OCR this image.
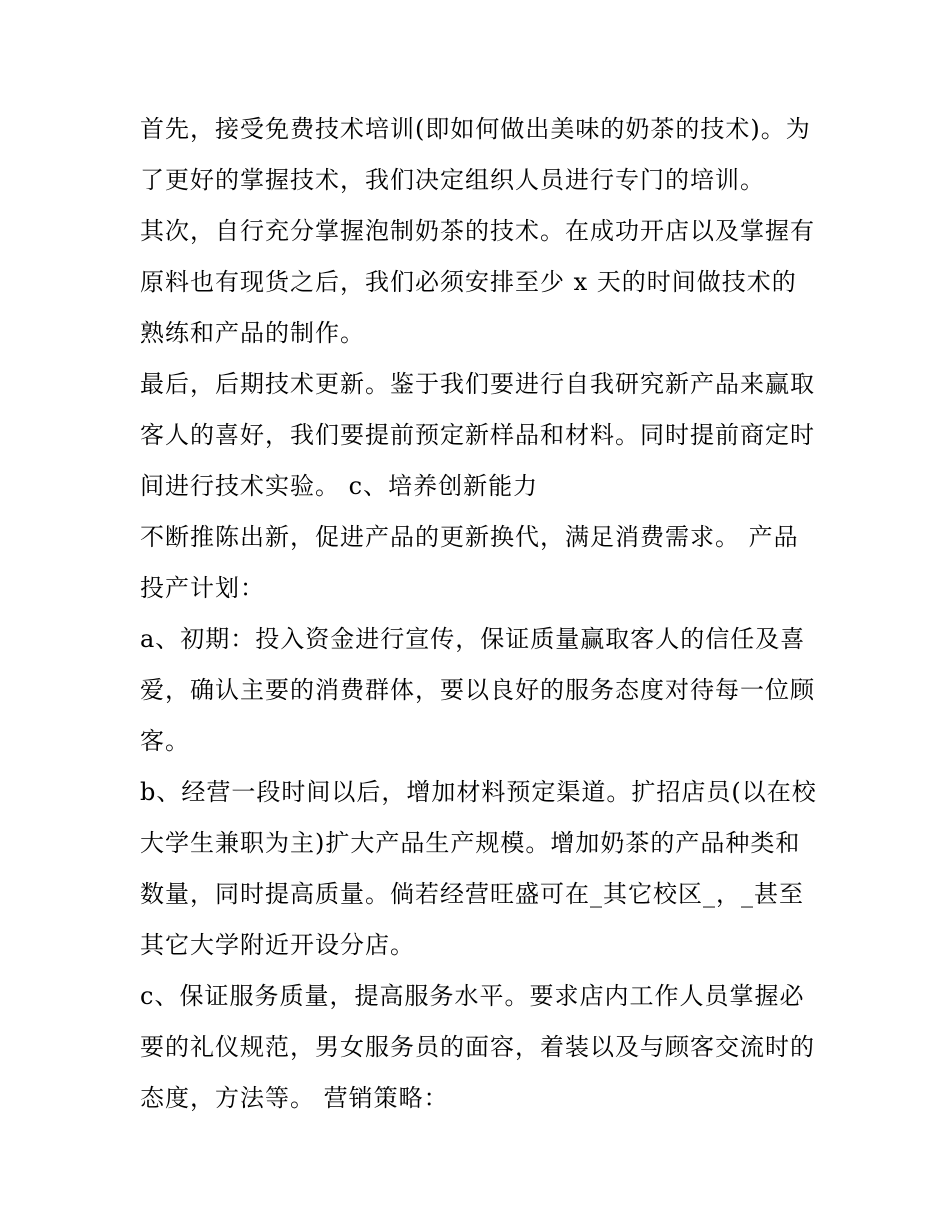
首先，接受免费技术培训(即如何做出美味的奶茶的技术)。为了更好的掌握技术，我们决定组织人员进行专门的培训。

其次，自行充分掌握泡制奶茶的技术。在成功开店以及掌握有原料也有现货之后，我们必须安排至少 x 天的时间做技术的熟练和产品的制作。

最后，后期技术更新。鉴于我们要进行自我研究新产品来赢取客人的喜好，我们要提前预定新样品和材料。同时提前商定时间进行技术实验。 c、培养创新能力

不断推陈出新，促进产品的更新换代，满足消费需求。 产品投产计划：

a、初期：投入资金进行宣传，保证质量赢取客人的信任及喜爱，确认主要的消费群体，要以良好的服务态度对待每一位顾客。

b、经营一段时间以后，增加材料预定渠道。扩招店员(以在校大学生兼职为主)扩大产品生产规模。增加奶茶的产品种类和数量，同时提高质量。倘若经营旺盛可在_其它校区_，_甚至其它大学附近开设分店。

c、保证服务质量，提高服务水平。要求店内工作人员掌握必要的礼仪规范，男女服务员的面容，着装以及与顾客交流时的态度，方法等。 营销策略：
